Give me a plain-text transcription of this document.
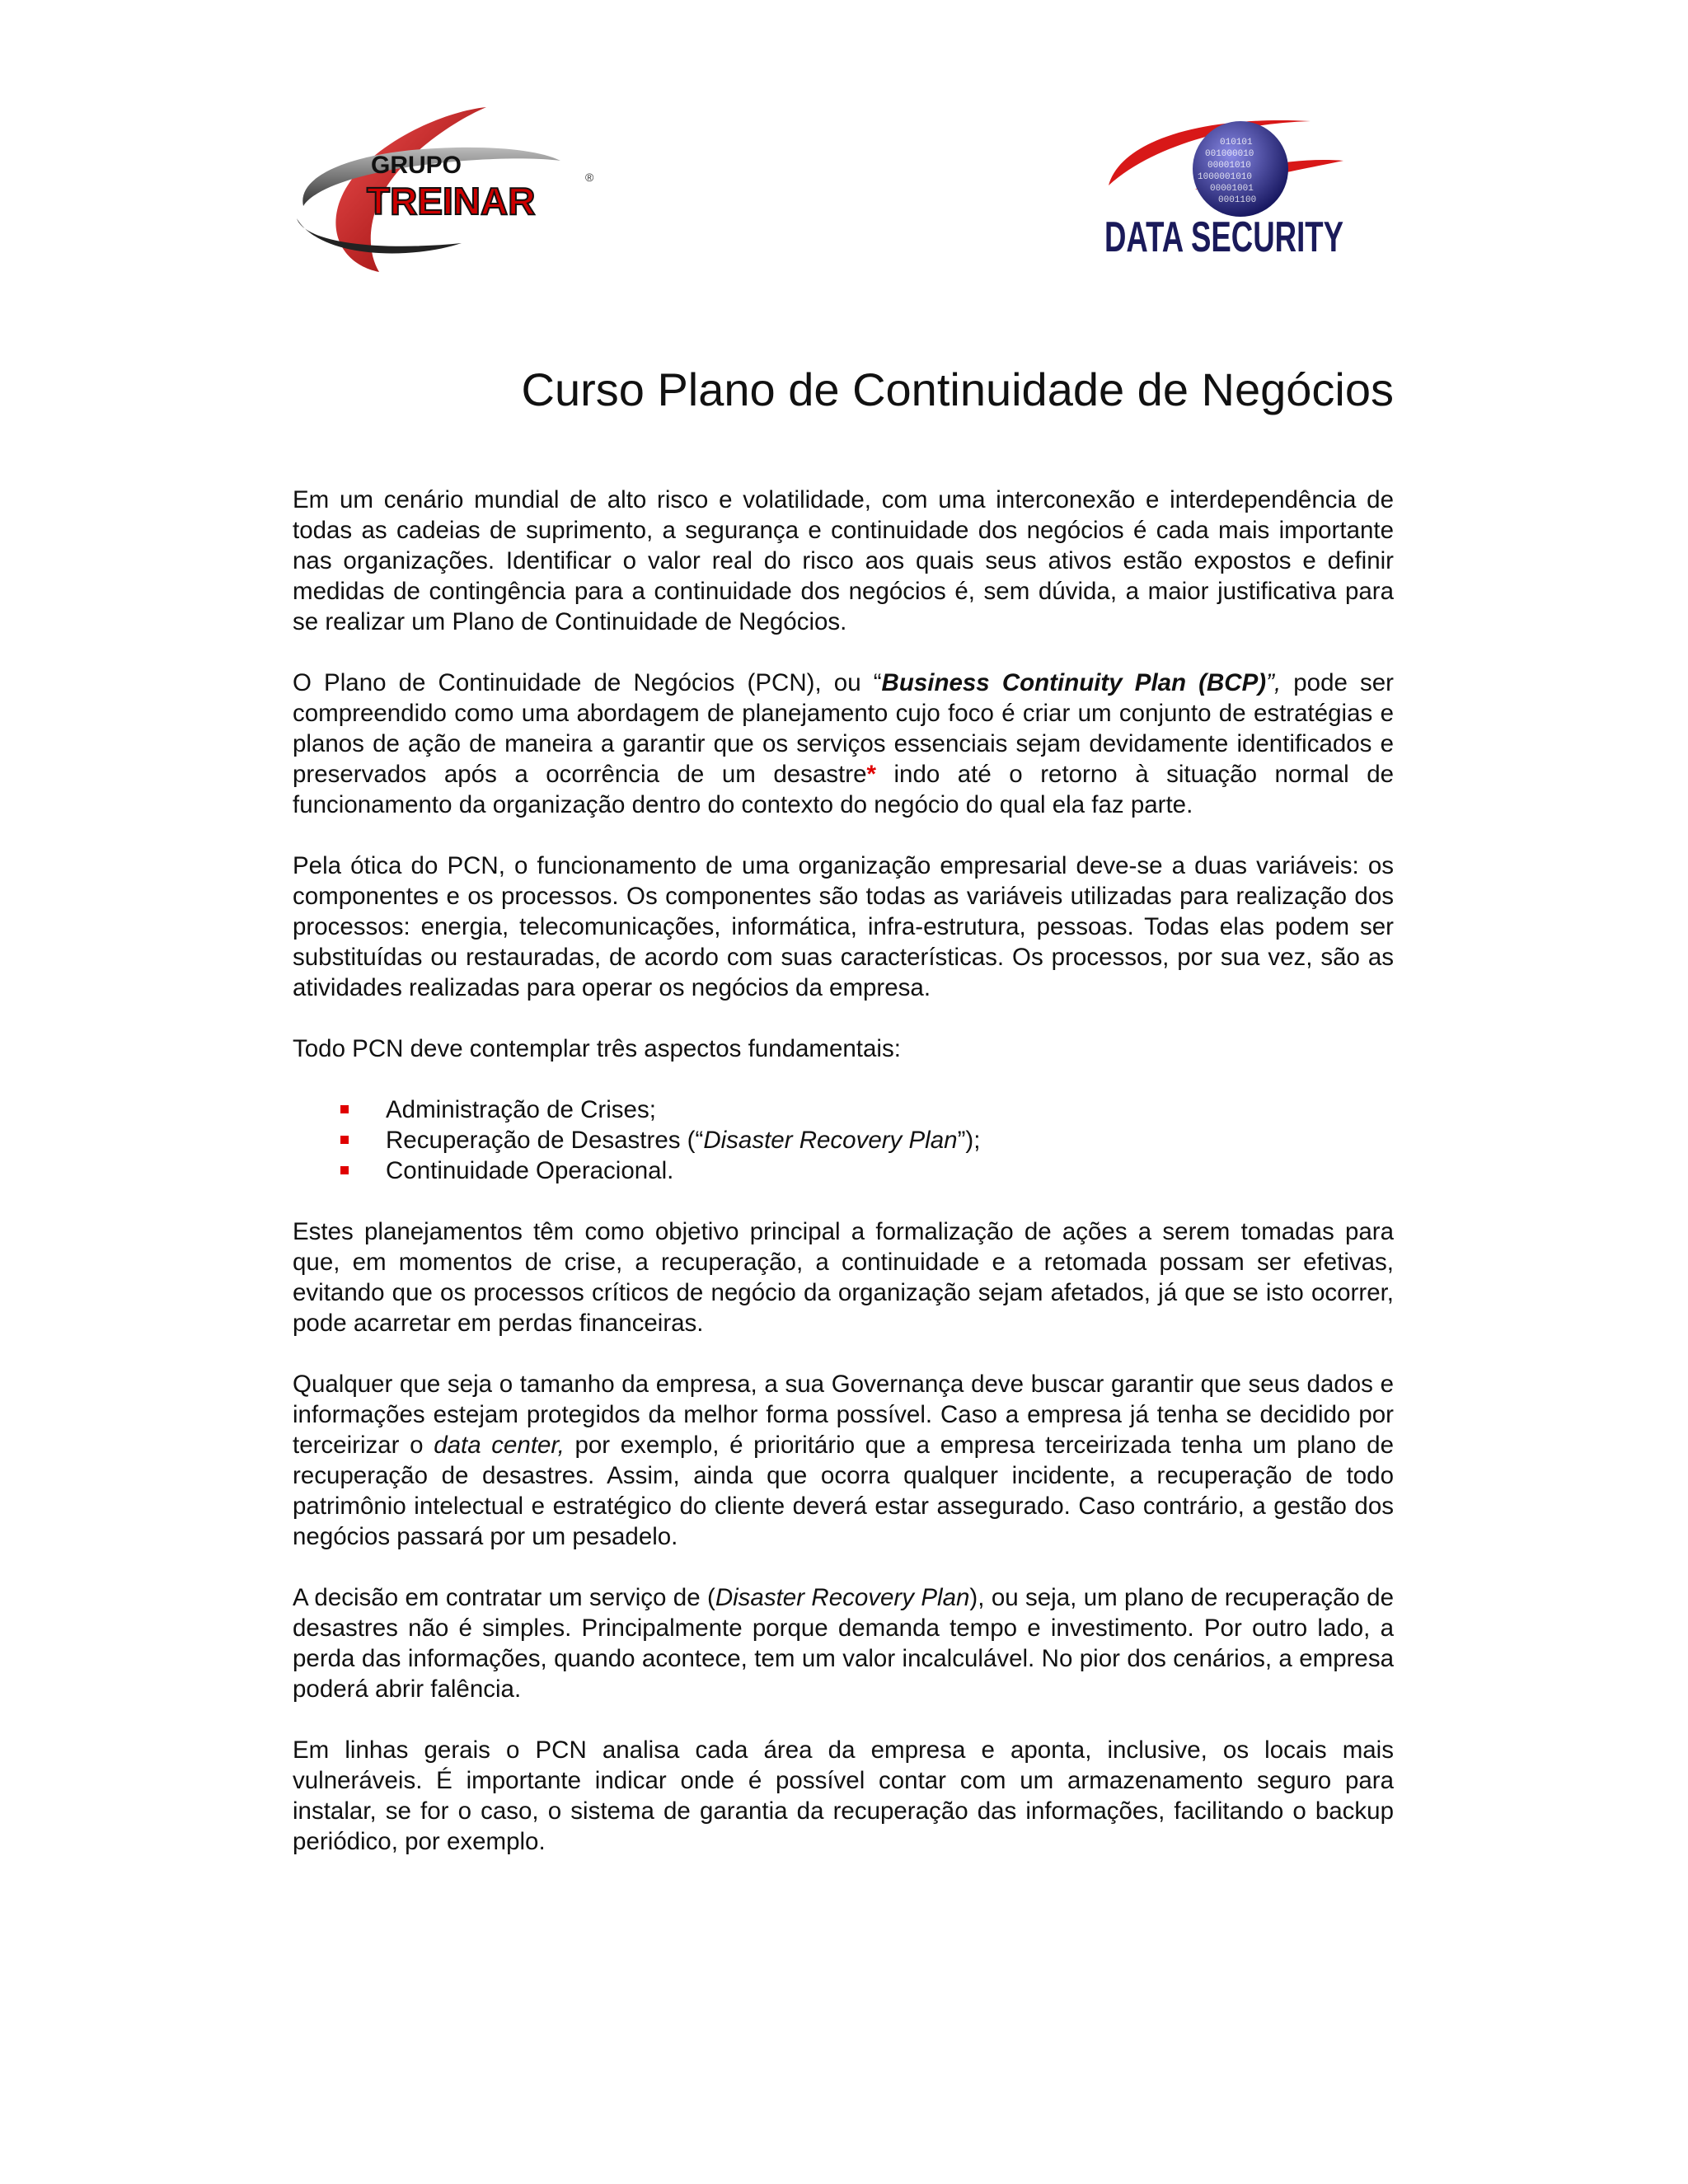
GRUPO
TREINAR
®
010101
001000010
00001010
1000001010
00001001
0001100
DATA SECURITY
Curso Plano de Continuidade de Negócios

Em um cenário mundial de alto risco e volatilidade, com uma interconexão e interdependência de todas as cadeias de suprimento, a segurança e continuidade dos negócios é cada mais importante nas organizações. Identificar o valor real do risco aos quais seus ativos estão expostos e definir medidas de contingência para a continuidade dos negócios é, sem dúvida, a maior justificativa para se realizar um Plano de Continuidade de Negócios.

O Plano de Continuidade de Negócios (PCN), ou “Business Continuity Plan (BCP)”, pode ser compreendido como uma abordagem de planejamento cujo foco é criar um conjunto de estratégias e planos de ação de maneira a garantir que os serviços essenciais sejam devidamente identificados e preservados após a ocorrência de um desastre* indo até o retorno à situação normal de funcionamento da organização dentro do contexto do negócio do qual ela faz parte.

Pela ótica do PCN, o funcionamento de uma organização empresarial deve-se a duas variáveis: os componentes e os processos. Os componentes são todas as variáveis utilizadas para realização dos processos: energia, telecomunicações, informática, infra-estrutura, pessoas. Todas elas podem ser substituídas ou restauradas, de acordo com suas características. Os processos, por sua vez, são as atividades realizadas para operar os negócios da empresa.

Todo PCN deve contemplar três aspectos fundamentais:

Administração de Crises;
Recuperação de Desastres (“Disaster Recovery Plan”);
Continuidade Operacional.

Estes planejamentos têm como objetivo principal a formalização de ações a serem tomadas para que, em momentos de crise, a recuperação, a continuidade e a retomada possam ser efetivas, evitando que os processos críticos de negócio da organização sejam afetados, já que se isto ocorrer, pode acarretar em perdas financeiras.

Qualquer que seja o tamanho da empresa, a sua Governança deve buscar garantir que seus dados e informações estejam protegidos da melhor forma possível. Caso a empresa já tenha se decidido por terceirizar o data center, por exemplo, é prioritário que a empresa terceirizada tenha um plano de recuperação de desastres. Assim, ainda que ocorra qualquer incidente, a recuperação de todo patrimônio intelectual e estratégico do cliente deverá estar assegurado. Caso contrário, a gestão dos negócios passará por um pesadelo.

A decisão em contratar um serviço de (Disaster Recovery Plan), ou seja, um plano de recuperação de desastres não é simples. Principalmente porque demanda tempo e investimento. Por outro lado, a perda das informações, quando acontece, tem um valor incalculável. No pior dos cenários, a empresa poderá abrir falência.

Em linhas gerais o PCN analisa cada área da empresa e aponta, inclusive, os locais mais vulneráveis. É importante indicar onde é possível contar com um armazenamento seguro para instalar, se for o caso, o sistema de garantia da recuperação das informações, facilitando o backup periódico, por exemplo.
